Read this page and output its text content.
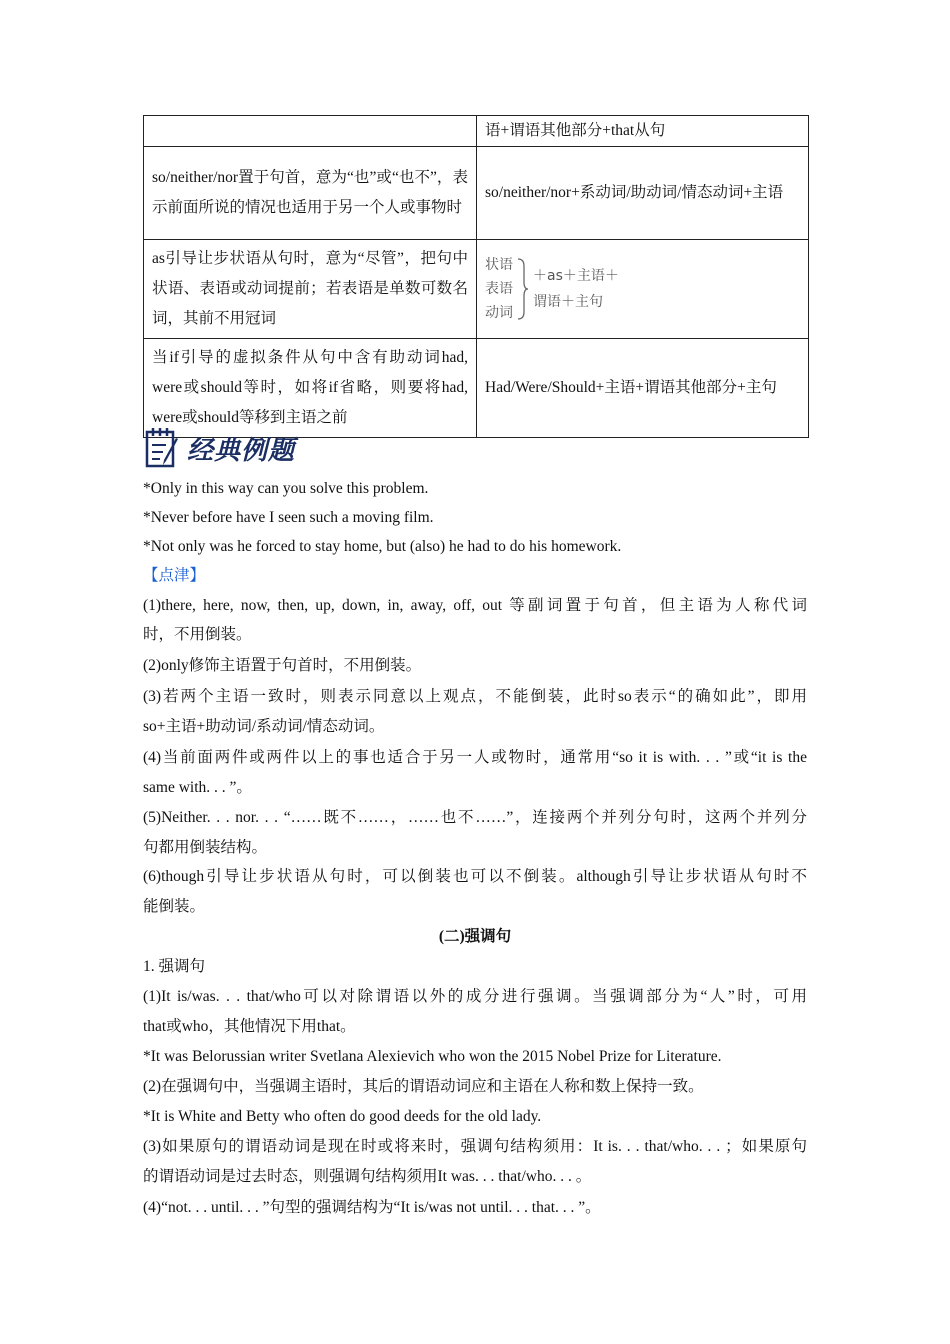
	语+谓语其他部分+that从句
so/neither/nor置于句首，意为“也”或“也不”，表示前面所说的情况也适用于另一个人或事物时	so/neither/nor+系动词/助动词/情态动词+主语
as引导让步状语从句时，意为“尽管”，把句中状语、表语或动词提前；若表语是单数可数名词，其前不用冠词	状语
表语
动词
＋as＋主语＋
谓语＋主句

当if引导的虚拟条件从句中含有助动词had, were或should等时，如将if省略，则要将had, were或should等移到主语之前	Had/Were/Should+主语+谓语其他部分+主句
经典例题
*Only in this way can you solve this problem.
*Never before have I seen such a moving film.
*Not only was he forced to stay home, but (also) he had to do his homework.
【点津】
(1)there, here, now, then, up, down, in, away, off, out 等副词置于句首，但主语为人称代词
时，不用倒装。
(2)only修饰主语置于句首时，不用倒装。
(3)若两个主语一致时，则表示同意以上观点，不能倒装，此时so表示“的确如此”，即用
so+主语+助动词/系动词/情态动词。
(4)当前面两件或两件以上的事也适合于另一人或物时，通常用“so it is with. . . ”或“it is the
same with. . . ”。
(5)Neither. . . nor. . . “……既不……，……也不……”，连接两个并列分句时，这两个并列分
句都用倒装结构。
(6)though引导让步状语从句时，可以倒装也可以不倒装。although引导让步状语从句时不
能倒装。
(二)强调句
1. 强调句
(1)It is/was. . . that/who可以对除谓语以外的成分进行强调。当强调部分为“人”时，可用
that或who，其他情况下用that。
*It was Belorussian writer Svetlana Alexievich who won the 2015 Nobel Prize for Literature.
(2)在强调句中，当强调主语时，其后的谓语动词应和主语在人称和数上保持一致。
*It is White and Betty who often do good deeds for the old lady.
(3)如果原句的谓语动词是现在时或将来时，强调句结构须用：It is. . . that/who. . . ；如果原句
的谓语动词是过去时态，则强调句结构须用It was. . . that/who. . . 。
(4)“not. . . until. . . ”句型的强调结构为“It is/was not until. . . that. . . ”。
